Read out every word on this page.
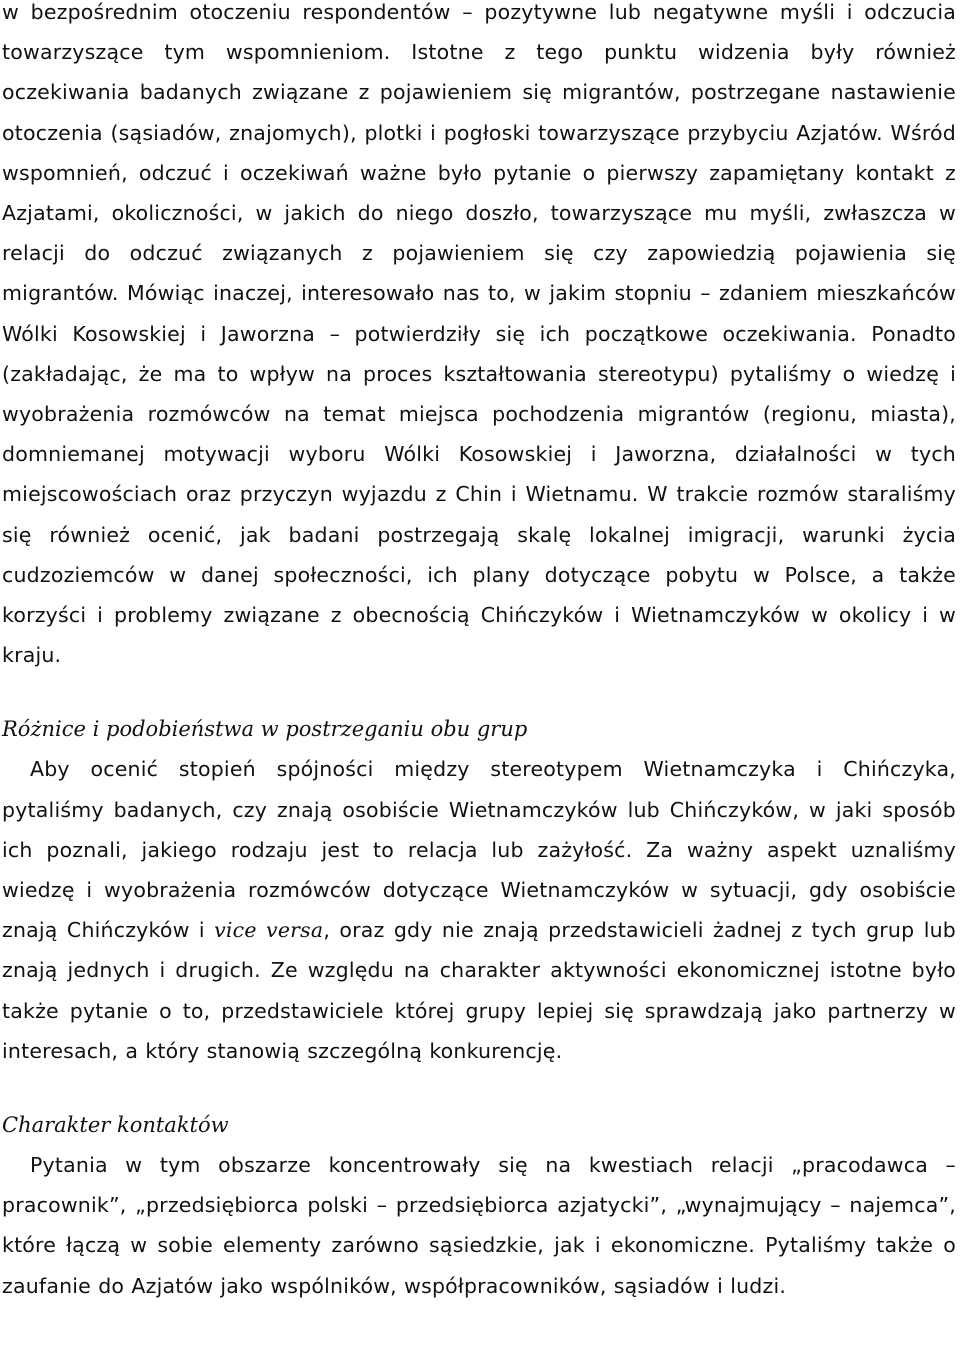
w bezpośrednim otoczeniu respondentów – pozytywne lub negatywne myśli i odczucia towarzyszące tym wspomnieniom. Istotne z tego punktu widzenia były również oczekiwania badanych związane z pojawieniem się migrantów, postrzegane nastawienie otoczenia (sąsiadów, znajomych), plotki i pogłoski towarzyszące przybyciu Azjatów. Wśród wspomnień, odczuć i oczekiwań ważne było pytanie o pierwszy zapamiętany kontakt z Azjatami, okoliczności, w jakich do niego doszło, towarzyszące mu myśli, zwłaszcza w relacji do odczuć związanych z pojawieniem się czy zapowiedzią pojawienia się migrantów. Mówiąc inaczej, interesowało nas to, w jakim stopniu – zdaniem mieszkańców Wólki Kosowskiej i Jaworzna – potwierdziły się ich początkowe oczekiwania. Ponadto (zakładając, że ma to wpływ na proces kształtowania stereotypu) pytaliśmy o wiedzę i wyobrażenia rozmówców na temat miejsca pochodzenia migrantów (regionu, miasta), domniemanej motywacji wyboru Wólki Kosowskiej i Jaworzna, działalności w tych miejscowościach oraz przyczyn wyjazdu z Chin i Wietnamu. W trakcie rozmów staraliśmy się również ocenić, jak badani postrzegają skalę lokalnej imigracji, warunki życia cudzoziemców w danej społeczności, ich plany dotyczące pobytu w Polsce, a także korzyści i problemy związane z obecnością Chińczyków i Wietnamczyków w okolicy i w kraju.

Różnice i podobieństwa w postrzeganiu obu grup

Aby ocenić stopień spójności między stereotypem Wietnamczyka i Chińczyka, pytaliśmy badanych, czy znają osobiście Wietnamczyków lub Chińczyków, w jaki sposób ich poznali, jakiego rodzaju jest to relacja lub zażyłość. Za ważny aspekt uznaliśmy wiedzę i wyobrażenia rozmówców dotyczące Wietnamczyków w sytuacji, gdy osobiście znają Chińczyków i vice versa, oraz gdy nie znają przedstawicieli żadnej z tych grup lub znają jednych i drugich. Ze względu na charakter aktywności ekonomicznej istotne było także pytanie o to, przedstawiciele której grupy lepiej się sprawdzają jako partnerzy w interesach, a który stanowią szczególną konkurencję.

Charakter kontaktów

Pytania w tym obszarze koncentrowały się na kwestiach relacji „pracodawca – pracownik”, „przedsiębiorca polski – przedsiębiorca azjatycki”, „wynajmujący – najemca”, które łączą w sobie elementy zarówno sąsiedzkie, jak i ekonomiczne. Pytaliśmy także o zaufanie do Azjatów jako wspólników, współpracowników, sąsiadów i ludzi.
